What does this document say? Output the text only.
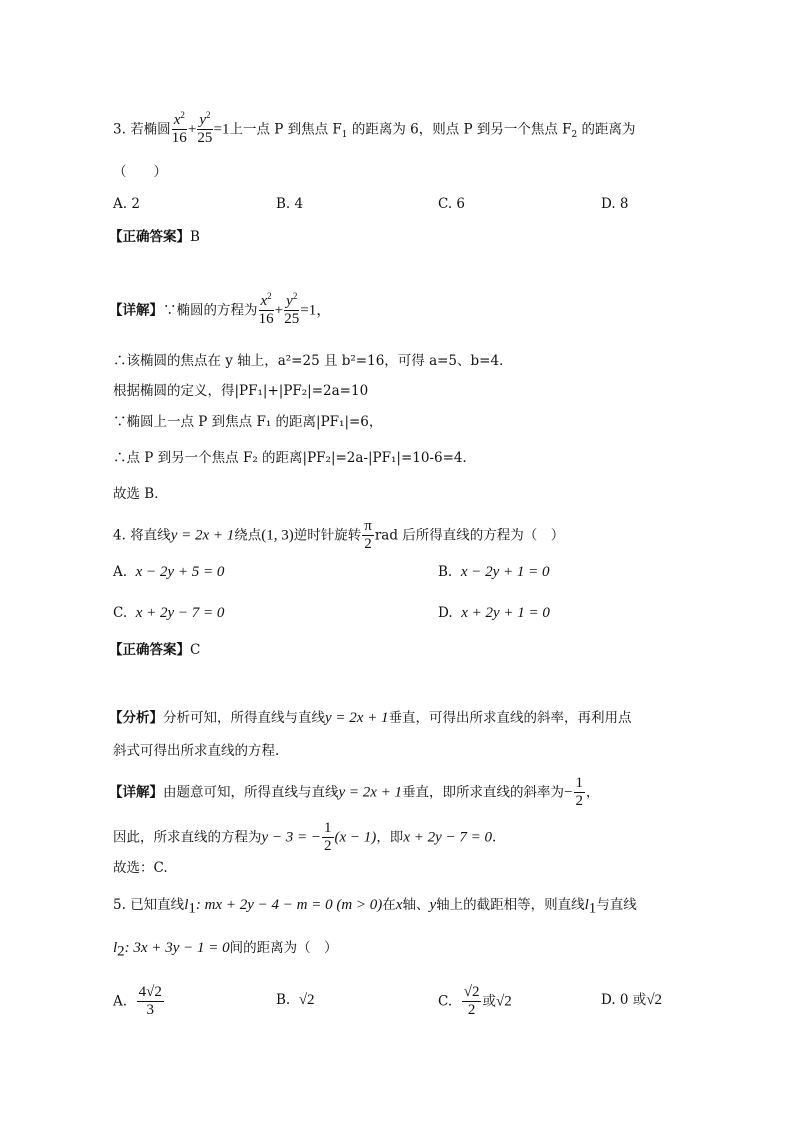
3. 若椭圆 $\frac{x^2}{16} + \frac{y^2}{25} =1$上一点 P 到焦点 $F_1$ 的距离为 6，则点 P 到另一个焦点 $F_2$ 的距离为
（　　）
A. 2	B. 4	C. 6	D. 8
【正确答案】B
【详解】∵椭圆的方程为 $\frac{x^2}{16} + \frac{y^2}{25} =1$，
∴该椭圆的焦点在 y 轴上，a²=25 且 b²=16，可得 a=5、b=4．
根据椭圆的定义，得|PF₁|+|PF₂|=2a=10
∵椭圆上一点 P 到焦点 F₁ 的距离|PF₁|=6，
∴点 P 到另一个焦点 F₂ 的距离|PF₂|=2a-|PF₁|=10-6=4．
故选 B．
4. 将直线y = 2x + 1绕点(1, 3)逆时针旋转 $\frac{\pi}{2}$ rad 后所得直线的方程为（　）
A. x − 2y + 5 = 0	B. x − 2y + 1 = 0
C. x + 2y − 7 = 0	D. x + 2y + 1 = 0
【正确答案】C
【分析】分析可知，所得直线与直线y = 2x + 1垂直，可得出所求直线的斜率，再利用点
斜式可得出所求直线的方程.
【详解】由题意可知，所得直线与直线y = 2x + 1垂直，即所求直线的斜率为− $\frac{1}{2}$ ，
因此，所求直线的方程为y − 3 = − $\frac{1}{2} (x - 1)$，即x + 2y − 7 = 0.
故选：C.
5. 已知直线$l_1$: mx + 2y − 4 − m = 0 (m > 0)在x轴、y轴上的截距相等，则直线$l_1$与直线
$l_2$: 3x + 3y − 1 = 0间的距离为（　）
A. $\frac{4√2}{3}$	B. √2	C. $\frac{√2}{2}$ 或√2	D. 0 或√2
